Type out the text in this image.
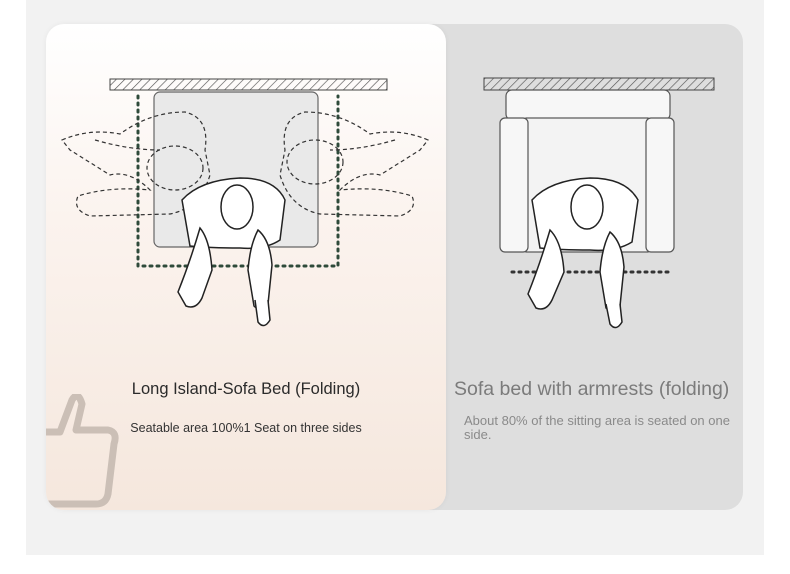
Long Island-Sofa Bed (Folding)
Seatable area 100%1 Seat on three sides
Sofa bed with armrests (folding)
About 80% of the sitting area is seated on one side.
